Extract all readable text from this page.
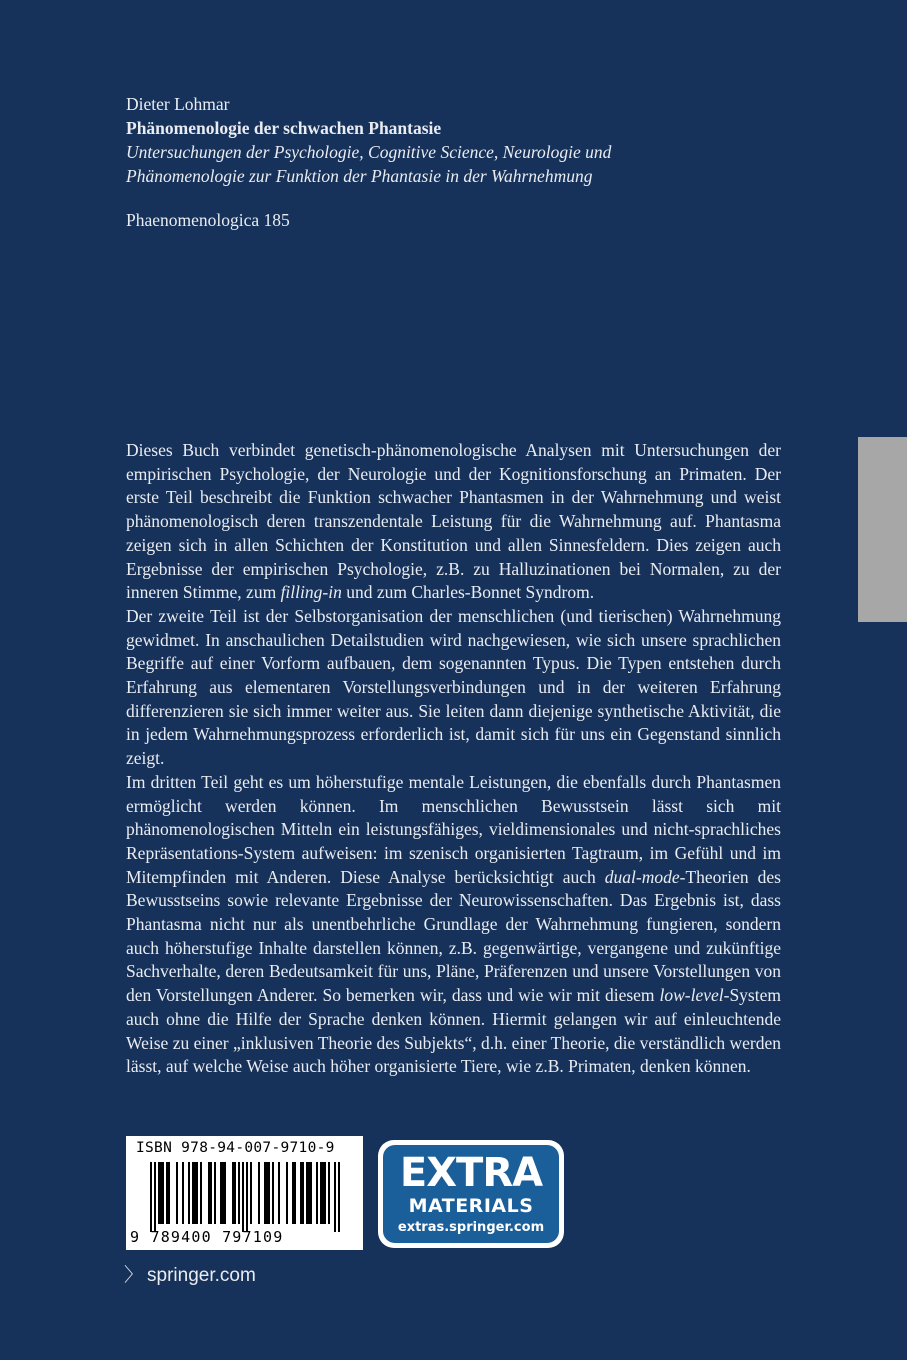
Dieter Lohmar
Phänomenologie der schwachen Phantasie
Untersuchungen der Psychologie, Cognitive Science, Neurologie und
Phänomenologie zur Funktion der Phantasie in der Wahrnehmung
Phaenomenologica 185

Dieses Buch verbindet genetisch-phänomenologische Analysen mit Untersuchungen der empirischen Psychologie, der Neurologie und der Kognitionsforschung an Primaten. Der erste Teil beschreibt die Funktion schwacher Phantasmen in der Wahrnehmung und weist phänomenologisch deren transzendentale Leistung für die Wahrnehmung auf. Phantasma zeigen sich in allen Schichten der Konstitution und allen Sinnesfeldern. Dies zeigen auch Ergebnisse der empirischen Psychologie, z.B. zu Halluzinationen bei Normalen, zu der inneren Stimme, zum filling-in und zum Charles-Bonnet Syndrom.

Der zweite Teil ist der Selbstorganisation der menschlichen (und tierischen) Wahrnehmung gewidmet. In anschaulichen Detailstudien wird nachgewiesen, wie sich unsere sprachlichen Begriffe auf einer Vorform aufbauen, dem sogenannten Typus. Die Typen entstehen durch Erfahrung aus elementaren Vorstellungsverbindungen und in der weiteren Erfahrung differenzieren sie sich immer weiter aus. Sie leiten dann diejenige synthetische Aktivität, die in jedem Wahrnehmungsprozess erforderlich ist, damit sich für uns ein Gegenstand sinnlich zeigt.

Im dritten Teil geht es um höherstufige mentale Leistungen, die ebenfalls durch Phantasmen ermöglicht werden können. Im menschlichen Bewusstsein lässt sich mit phänomenologischen Mitteln ein leistungsfähiges, vieldimensionales und nicht-sprachliches Repräsentations-System aufweisen: im szenisch organisierten Tagtraum, im Gefühl und im Mitempfinden mit Anderen. Diese Analyse berücksichtigt auch dual-mode-Theorien des Bewusstseins sowie relevante Ergebnisse der Neurowissenschaften. Das Ergebnis ist, dass Phantasma nicht nur als unentbehrliche Grundlage der Wahrnehmung fungieren, sondern auch höherstufige Inhalte darstellen können, z.B. gegenwärtige, vergangene und zukünftige Sachverhalte, deren Bedeutsamkeit für uns, Pläne, Präferenzen und unsere Vorstellungen von den Vorstellungen Anderer. So bemerken wir, dass und wie wir mit diesem low-level-System auch ohne die Hilfe der Sprache denken können. Hiermit gelangen wir auf einleuchtende Weise zu einer „inklusiven Theorie des Subjekts“, d.h. einer Theorie, die verständlich werden lässt, auf welche Weise auch höher organisierte Tiere, wie z.B. Primaten, denken können.

ISBN 978-94-007-9710-9
9 789400 797109
EXTRA
MATERIALS
extras.springer.com
〉 springer.com
